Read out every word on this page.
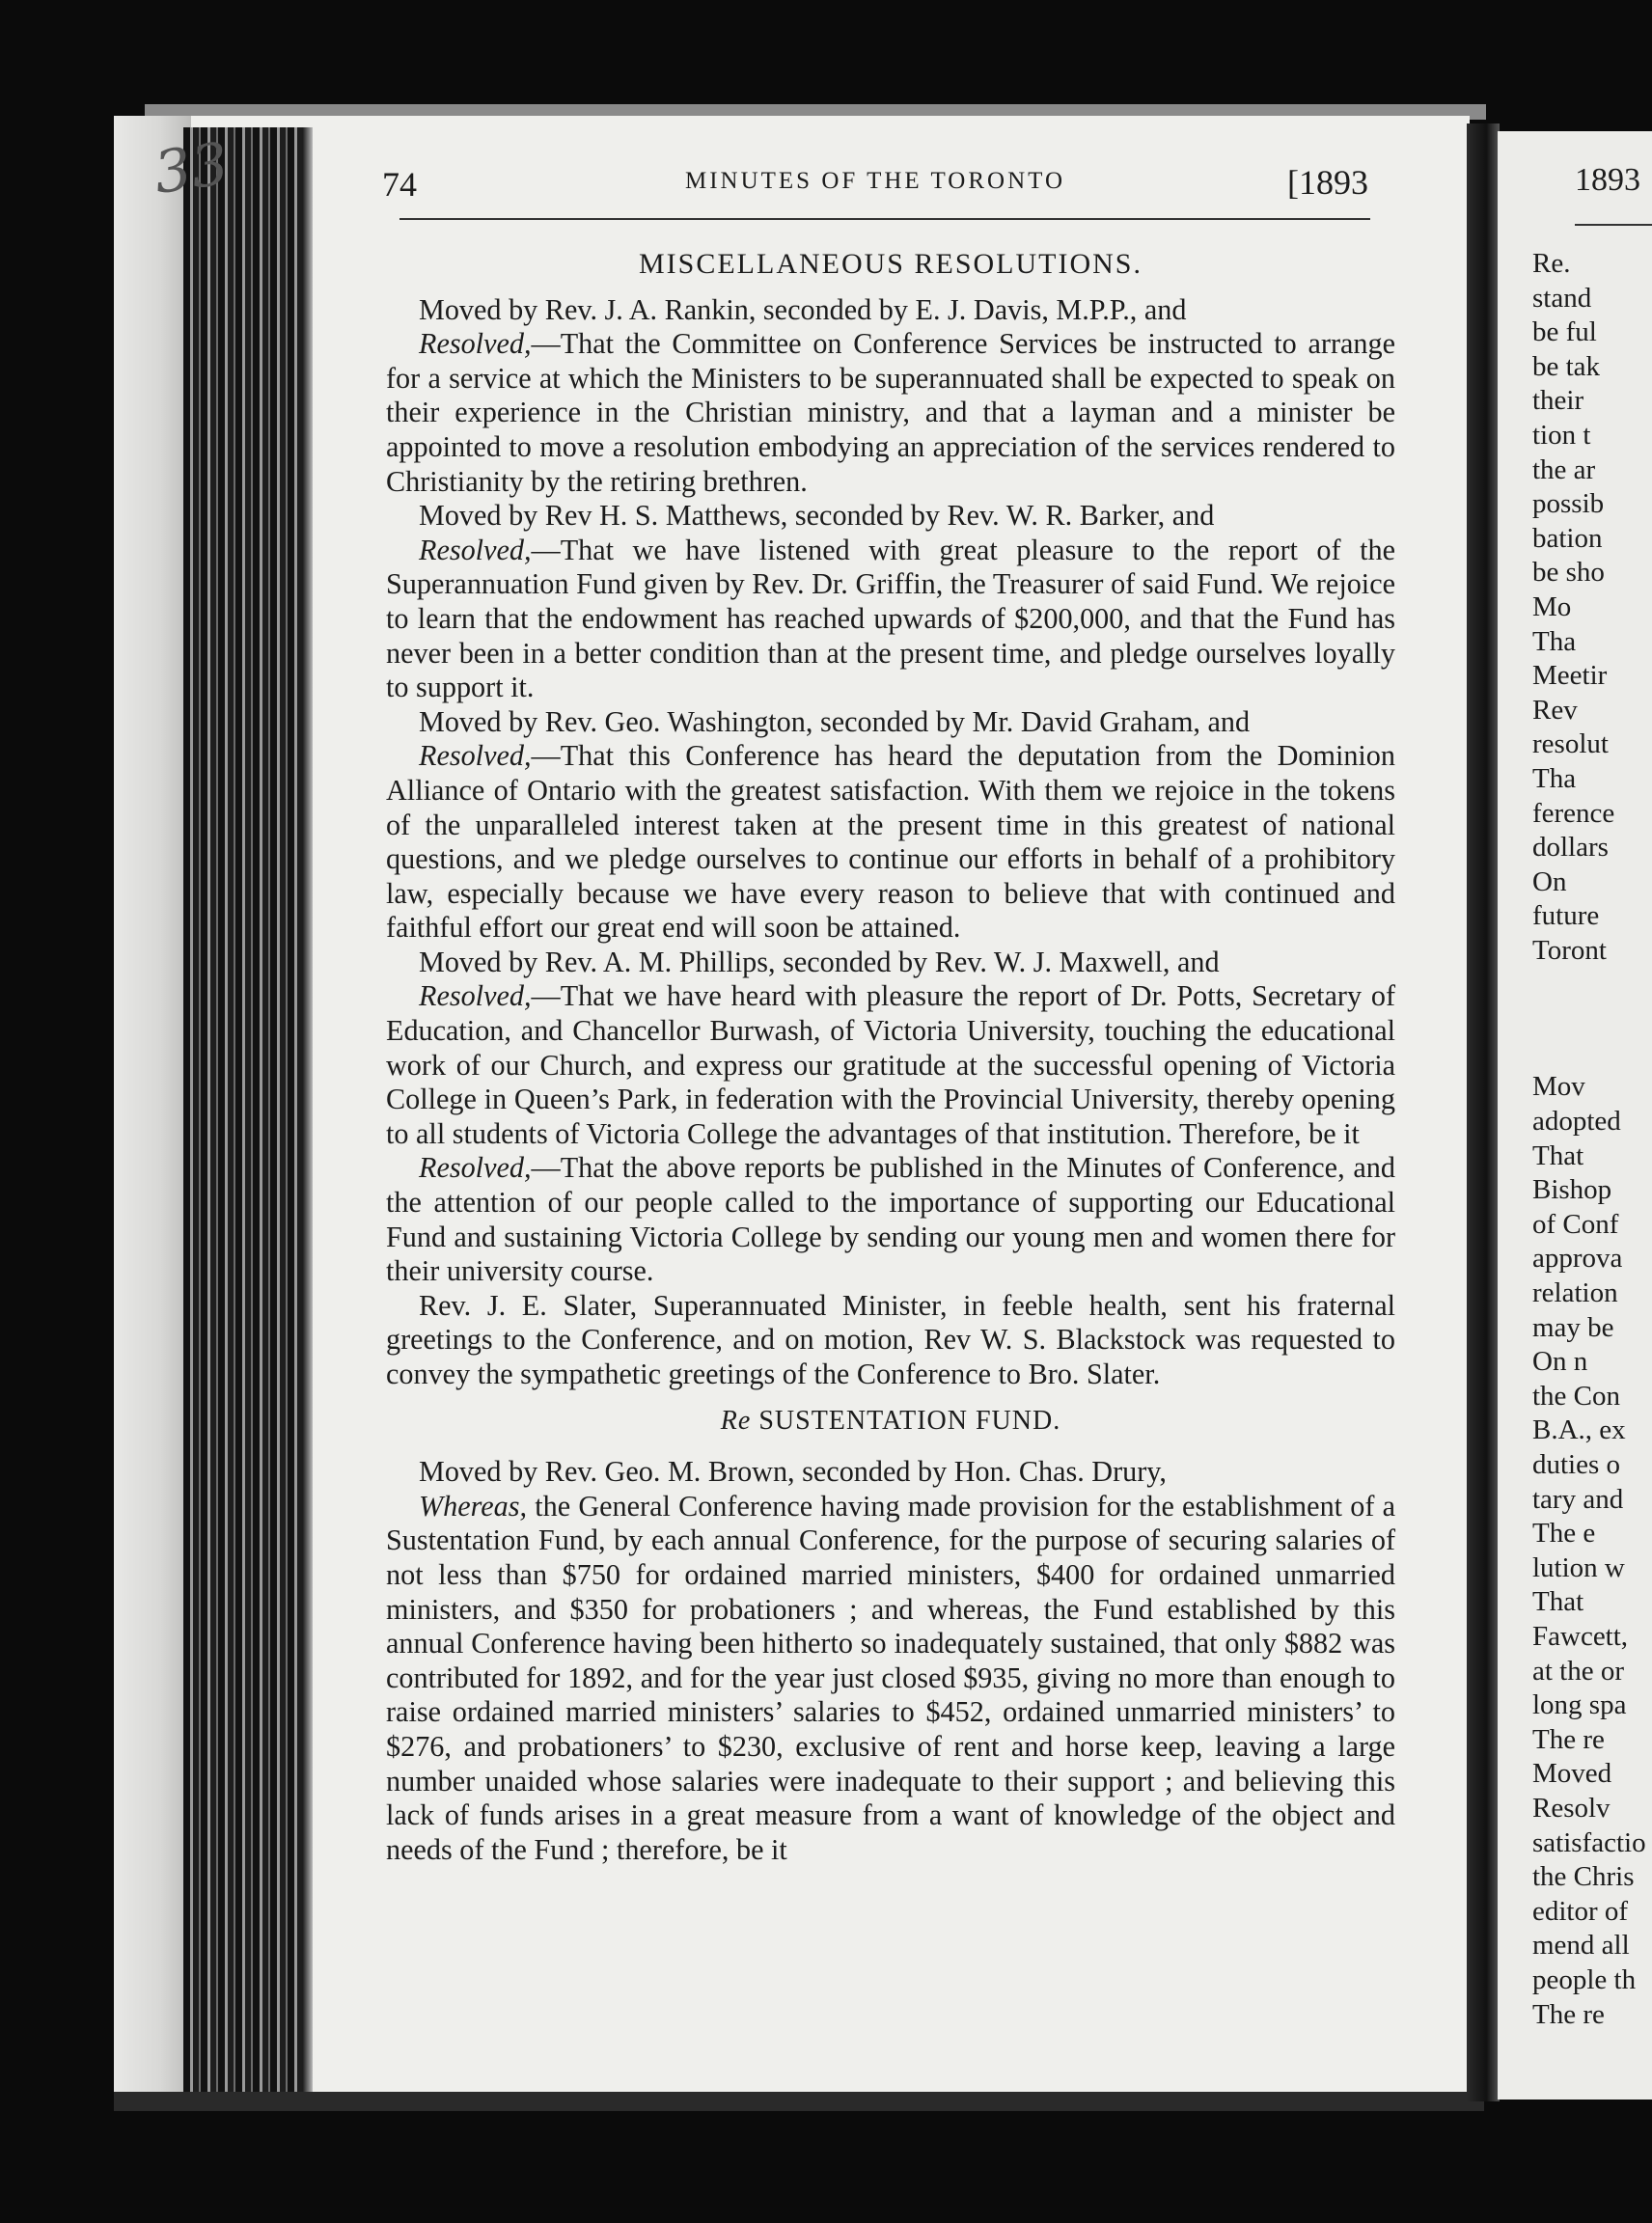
33	74	MINUTES OF THE TORONTO	[1893
MISCELLANEOUS RESOLUTIONS.

Moved by Rev. J. A. Rankin, seconded by E. J. Davis, M.P.P., and

Resolved,—That the Committee on Conference Services be instructed to arrange for a service at which the Ministers to be superannuated shall be expected to speak on their experience in the Christian ministry, and that a layman and a minister be appointed to move a resolution embodying an appreciation of the services rendered to Christianity by the retiring brethren.

Moved by Rev H. S. Matthews, seconded by Rev. W. R. Barker, and

Resolved,—That we have listened with great pleasure to the report of the Superannuation Fund given by Rev. Dr. Griffin, the Treasurer of said Fund. We rejoice to learn that the endowment has reached upwards of $200,000, and that the Fund has never been in a better condition than at the present time, and pledge ourselves loyally to support it.

Moved by Rev. Geo. Washington, seconded by Mr. David Graham, and

Resolved,—That this Conference has heard the deputation from the Dominion Alliance of Ontario with the greatest satisfaction. With them we rejoice in the tokens of the unparalleled interest taken at the present time in this greatest of national questions, and we pledge ourselves to continue our efforts in behalf of a prohibitory law, especially because we have every reason to believe that with continued and faithful effort our great end will soon be attained.

Moved by Rev. A. M. Phillips, seconded by Rev. W. J. Maxwell, and

Resolved,—That we have heard with pleasure the report of Dr. Potts, Secretary of Education, and Chancellor Burwash, of Victoria University, touching the educational work of our Church, and express our gratitude at the successful opening of Victoria College in Queen’s Park, in federation with the Provincial University, thereby opening to all students of Victoria College the advantages of that institution. Therefore, be it

Resolved,—That the above reports be published in the Minutes of Conference, and the attention of our people called to the importance of supporting our Educational Fund and sustaining Victoria College by sending our young men and women there for their university course.

Rev. J. E. Slater, Superannuated Minister, in feeble health, sent his fraternal greetings to the Conference, and on motion, Rev W. S. Blackstock was requested to convey the sympathetic greetings of the Conference to Bro. Slater.

Re SUSTENTATION FUND.

Moved by Rev. Geo. M. Brown, seconded by Hon. Chas. Drury,

Whereas, the General Conference having made provision for the establishment of a Sustentation Fund, by each annual Conference, for the purpose of securing salaries of not less than $750 for ordained married ministers, $400 for ordained unmarried ministers, and $350 for probationers ; and whereas, the Fund established by this annual Conference having been hitherto so inadequately sustained, that only $882 was contributed for 1892, and for the year just closed $935, giving no more than enough to raise ordained married ministers’ salaries to $452, ordained unmarried ministers’ to $276, and probationers’ to $230, exclusive of rent and horse keep, leaving a large number unaided whose salaries were inadequate to their support ; and believing this lack of funds arises in a great measure from a want of knowledge of the object and needs of the Fund ; therefore, be it

1893
Re.
stand
be ful
be tak
their
tion t
the ar
possib
bation
be sho
Mo
Tha
Meetir
Rev
resolut
Tha
ference
dollars
On
future
Toront
Mov
adopted
That
Bishop
of Conf
approva
relation
may be
On n
the Con
B.A., ex
duties o
tary and
The e
lution w
That
Fawcett,
at the or
long spa
The re
Moved
Resolv
satisfactio
the Chris
editor of
mend all
people th
The re
